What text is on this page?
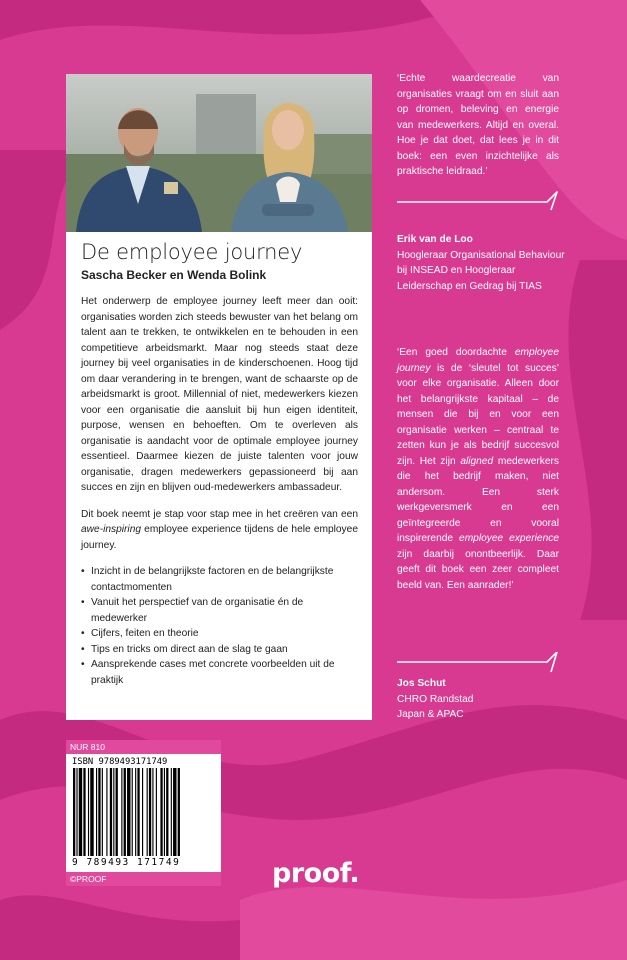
De employee journey

Sascha Becker en Wenda Bolink

Het onderwerp de employee journey leeft meer dan ooit: organisaties worden zich steeds bewuster van het belang om talent aan te trekken, te ontwikkelen en te behouden in een competitieve arbeidsmarkt. Maar nog steeds staat deze journey bij veel organisaties in de kinderschoenen. Hoog tijd om daar verandering in te brengen, want de schaarste op de arbeidsmarkt is groot. Millennial of niet, medewerkers kiezen voor een organisatie die aansluit bij hun eigen identiteit, purpose, wensen en behoeften. Om te overleven als organisatie is aandacht voor de optimale employee journey essentieel. Daarmee kiezen de juiste talenten voor jouw organisatie, dragen medewerkers gepassioneerd bij aan succes en zijn en blijven oud-medewerkers ambassadeur.

Dit boek neemt je stap voor stap mee in het creëren van een awe-inspiring employee experience tijdens de hele employee journey.

• Inzicht in de belangrijkste factoren en de belangrijkste contactmomenten
• Vanuit het perspectief van de organisatie én de medewerker
• Cijfers, feiten en theorie
• Tips en tricks om direct aan de slag te gaan
• Aansprekende cases met concrete voorbeelden uit de praktijk
‘Echte waardecreatie van organisaties vraagt om en sluit aan op dromen, beleving en energie van medewerkers. Altijd en overal. Hoe je dat doet, dat lees je in dit boek: een even inzichtelijke als praktische leidraad.’
Erik van de Loo
Hoogleraar Organisational Behaviour bij INSEAD en Hoogleraar Leiderschap en Gedrag bij TIAS
‘Een goed doordachte employee journey is de ‘sleutel tot succes’ voor elke organisatie. Alleen door het belangrijkste kapitaal – de mensen die bij en voor een organisatie werken – centraal te zetten kun je als bedrijf succesvol zijn. Het zijn aligned medewerkers die het bedrijf maken, niet andersom. Een sterk werkgeversmerk en een geïntegreerde en vooral inspirerende employee experience zijn daarbij onontbeerlijk. Daar geeft dit boek een zeer compleet beeld van. Een aanrader!’
Jos Schut
CHRO Randstad
Japan & APAC
NUR 810
ISBN 9789493171749
9 789493 171749
©PROOF	proof.
